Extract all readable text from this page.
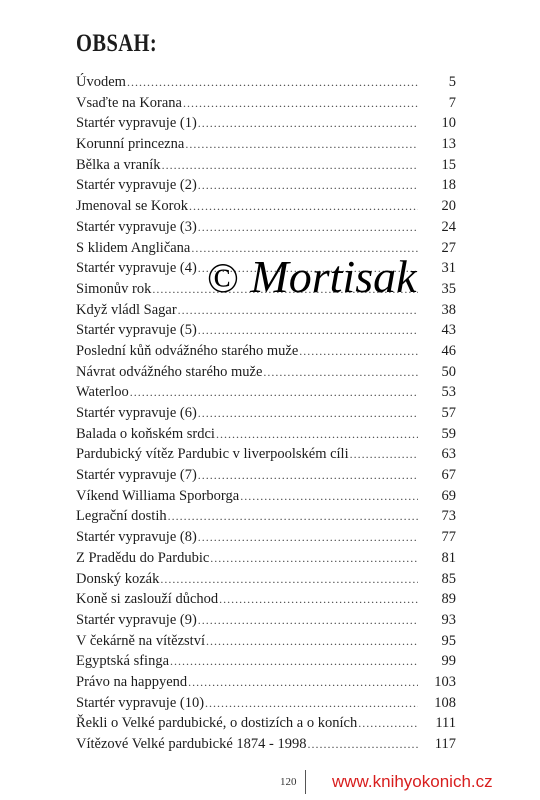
OBSAH:
Úvodem .....	5
Vsaďte na Korana .....	7
Startér vypravuje (1) .....	10
Korunní princezna .....	13
Bělka a vraník .....	15
Startér vypravuje (2) .....	18
Jmenoval se Korok .....	20
Startér vypravuje (3) .....	24
S klidem Angličana .....	27
Startér vypravuje (4) .....	31
Simonův rok .....	35
Když vládl Sagar .....	38
Startér vypravuje (5) .....	43
Poslední kůň odvážného starého muže .....	46
Návrat odvážného starého muže .....	50
Waterloo .....	53
Startér vypravuje (6) .....	57
Balada o koňském srdci .....	59
Pardubický vítěz Pardubic v liverpoolském cíli .....	63
Startér vypravuje (7) .....	67
Víkend Williama Sporborga .....	69
Legrační dostih .....	73
Startér vypravuje (8) .....	77
Z Pradědu do Pardubic .....	81
Donský kozák .....	85
Koně si zaslouží důchod .....	89
Startér vypravuje (9) .....	93
V čekárně na vítězství .....	95
Egyptská sfinga .....	99
Právo na happyend .....	103
Startér vypravuje (10) .....	108
Řekli o Velké pardubické, o dostizích a o koních .....	111
Vítězové Velké pardubické 1874 - 1998 .....	117
© Mortisak
120 www.knihyokonich.cz
